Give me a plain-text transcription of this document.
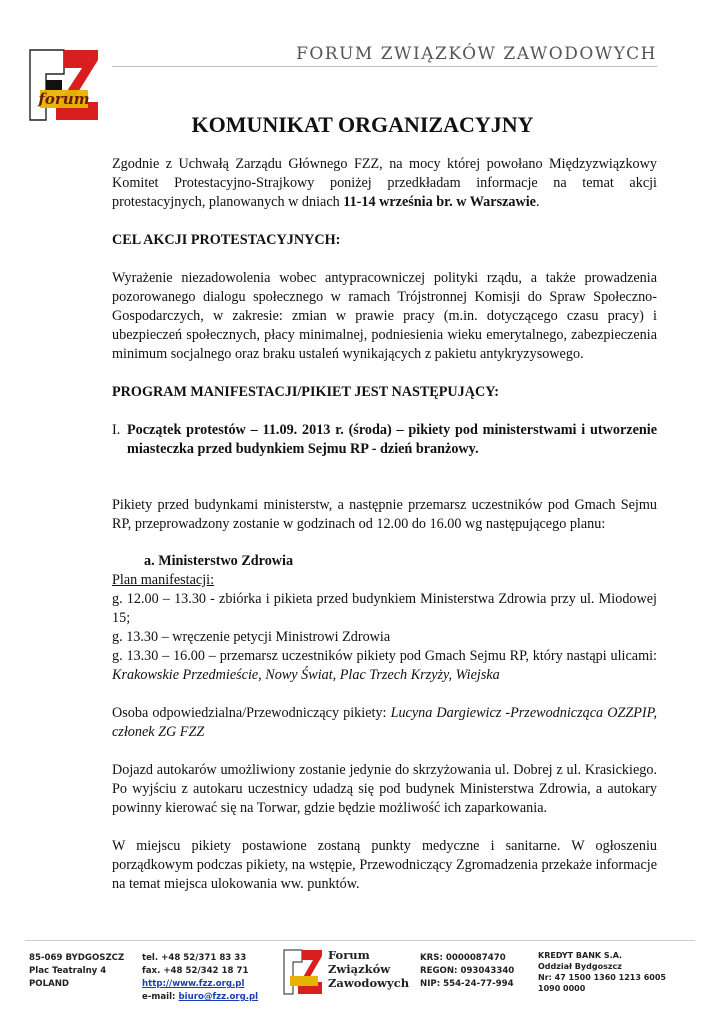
forum
FORUM ZWIĄZKÓW ZAWODOWYCH
KOMUNIKAT ORGANIZACYJNY

Zgodnie z Uchwałą Zarządu Głównego FZZ, na mocy której powołano Międzyzwiązkowy Komitet Protestacyjno-Strajkowy poniżej przedkładam informacje na temat akcji protestacyjnych, planowanych w dniach 11-14 września br. w Warszawie.

CEL AKCJI PROTESTACYJNYCH:

Wyrażenie niezadowolenia wobec antypracowniczej polityki rządu, a także prowadzenia pozorowanego dialogu społecznego w ramach Trójstronnej Komisji do Spraw Społeczno-Gospodarczych, w zakresie: zmian w prawie pracy (m.in. dotyczącego czasu pracy) i ubezpieczeń społecznych, płacy minimalnej, podniesienia wieku emerytalnego, zabezpieczenia minimum socjalnego oraz braku ustaleń wynikających z pakietu antykryzysowego.

PROGRAM MANIFESTACJI/PIKIET JEST NASTĘPUJĄCY:

I. Początek protestów – 11.09. 2013 r. (środa) – pikiety pod ministerstwami i utworzenie miasteczka przed budynkiem Sejmu RP - dzień branżowy.

Pikiety przed budynkami ministerstw, a następnie przemarsz uczestników pod Gmach Sejmu RP, przeprowadzony zostanie w godzinach od 12.00 do 16.00 wg następującego planu:

a. Ministerstwo Zdrowia

Plan manifestacji:

g. 12.00 – 13.30 - zbiórka i pikieta przed budynkiem Ministerstwa Zdrowia przy ul. Miodowej 15;

g. 13.30 – wręczenie petycji Ministrowi Zdrowia

g. 13.30 – 16.00 – przemarsz uczestników pikiety pod Gmach Sejmu RP, który nastąpi ulicami: Krakowskie Przedmieście, Nowy Świat, Plac Trzech Krzyży, Wiejska

Osoba odpowiedzialna/Przewodniczący pikiety: Lucyna Dargiewicz -Przewodnicząca OZZPIP, członek ZG FZZ

Dojazd autokarów umożliwiony zostanie jedynie do skrzyżowania ul. Dobrej z ul. Krasickiego. Po wyjściu z autokaru uczestnicy udadzą się pod budynek Ministerstwa Zdrowia, a autokary powinny kierować się na Torwar, gdzie będzie możliwość ich zaparkowania.

W miejscu pikiety postawione zostaną punkty medyczne i sanitarne. W ogłoszeniu porządkowym podczas pikiety, na wstępie, Przewodniczący Zgromadzenia przekaże informacje na temat miejsca ulokowania ww. punktów.

85-069 BYDGOSZCZ
Plac Teatralny 4
POLAND
tel. +48 52/371 83 33
fax. +48 52/342 18 71
http://www.fzz.org.pl
e-mail: biuro@fzz.org.pl
Forum
Związków
Zawodowych
KRS: 0000087470
REGON: 093043340
NIP: 554-24-77-994
KREDYT BANK S.A.
Oddział Bydgoszcz
Nr: 47 1500 1360 1213 6005
1090 0000
